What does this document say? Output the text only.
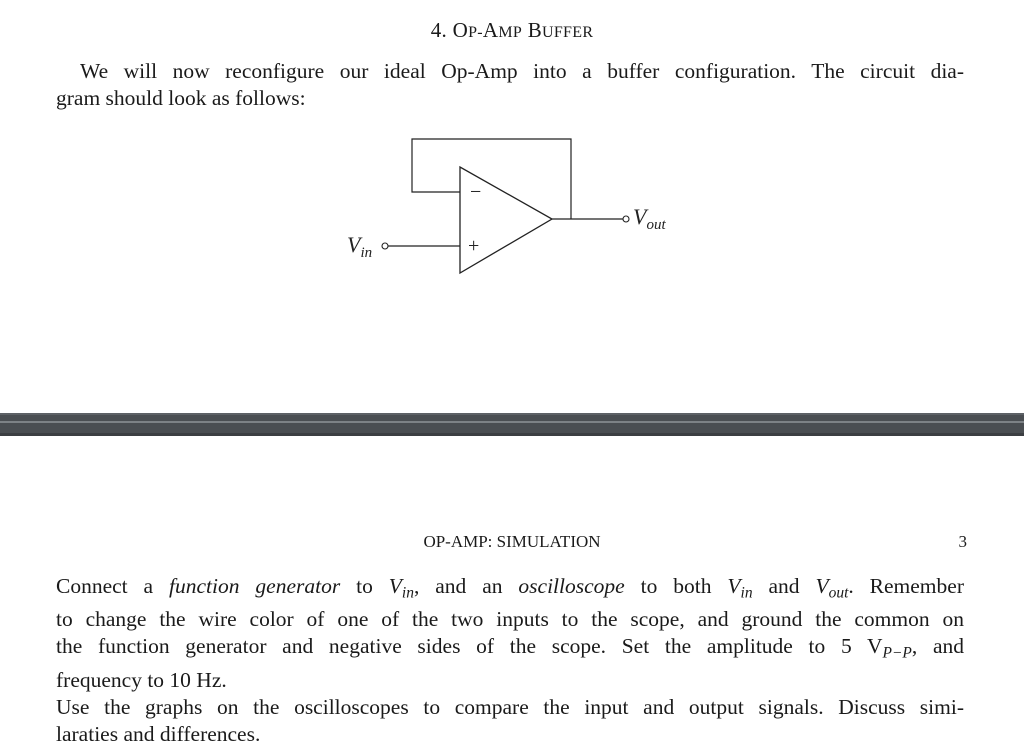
4. OP-AMP BUFFER
We will now reconfigure our ideal Op-Amp into a buffer configuration. The circuit dia-
gram should look as follows:
−
+
$V_{in}$
$V_{out}$
OP-AMP: SIMULATION	3
Connect a function generator to $V_{in}$, and an oscilloscope to both $V_{in}$ and $V_{out}$. Remember
to change the wire color of one of the two inputs to the scope, and ground the common on
the function generator and negative sides of the scope. Set the amplitude to 5 $V_{P-P}$, and
frequency to 10 Hz.
Use the graphs on the oscilloscopes to compare the input and output signals. Discuss simi-
laraties and differences.
